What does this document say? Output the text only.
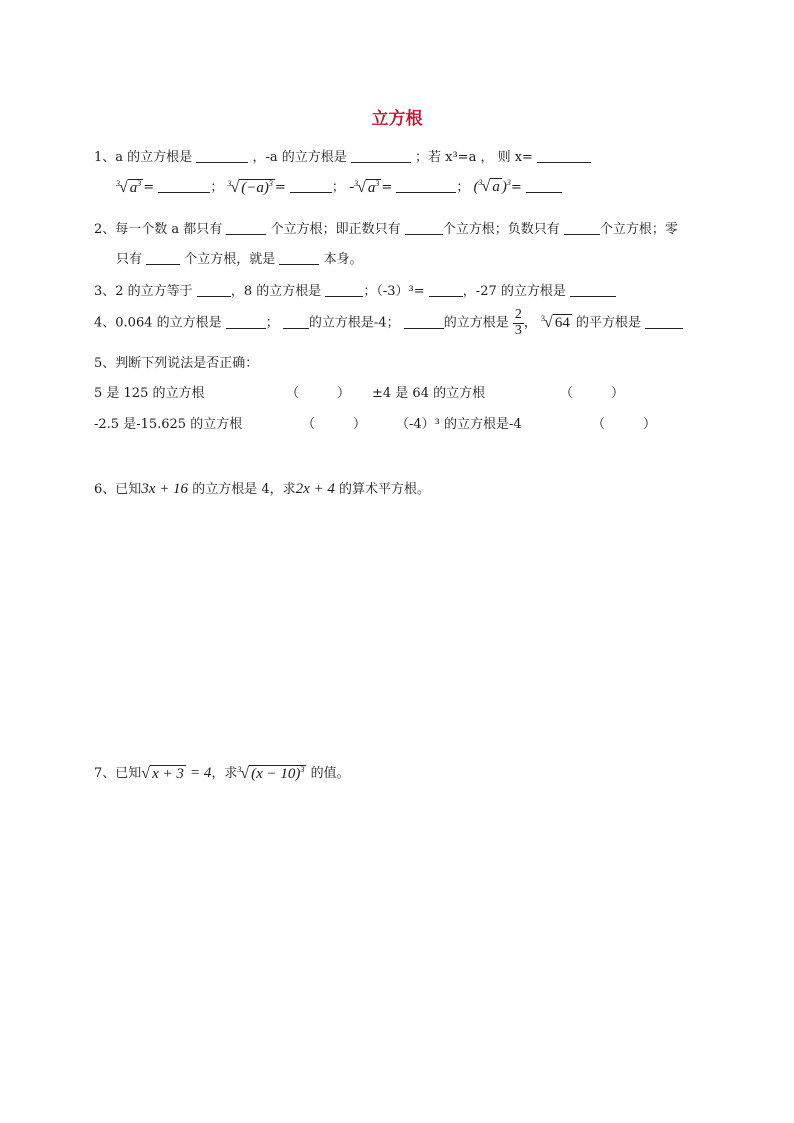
立方根
1、a 的立方根是	，-a 的立方根是	；若 x³=a ， 则 x=
$^3$√ $a^3$ =	； $^3$√ $(-a)^3$ =	； -$^3$√ $a^3$ =	； ($^3$√ a )$^3$=
2、每一个数 a 都只有	个立方根；即正数只有	个立方根；负数只有	个立方根；零
只有	个立方根，就是	本身。
3、2 的立方等于	，8 的立方根是	；（-3）³=	，-27 的立方根是
4、0.064 的立方根是	； 的立方根是-4；	的立方根是 $\frac{2}{3}$ ， $^3$√ 64 的平方根是
5、判断下列说法是否正确：
5 是 125 的立方根	（	） ±4 是 64 的立方根	（	）
-2.5 是-15.625 的立方根	（	） （-4）³ 的立方根是-4	（	）
6、已知3x + 16 的立方根是 4，求2x + 4 的算术平方根。
7、已知√ x + 3 = 4，求$^3$√ $(x - 10)^3$ 的值。
